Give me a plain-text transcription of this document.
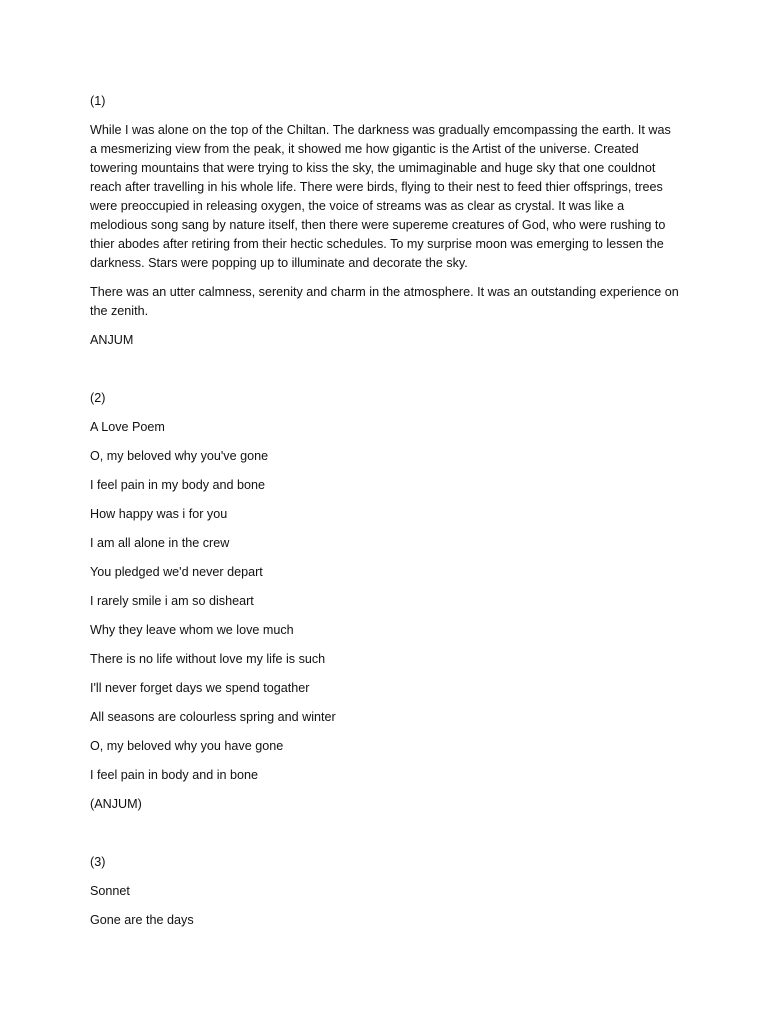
(1)

While I was alone on the top of the Chiltan. The darkness was gradually emcompassing the earth. It was a mesmerizing view from the peak, it showed me how gigantic is the Artist of the universe. Created towering mountains that were trying to kiss the sky, the umimaginable and huge sky that one couldnot reach after travelling in his whole life. There were birds, flying to their nest to feed thier offsprings, trees were preoccupied in releasing oxygen, the voice of streams was as clear as crystal. It was like a melodious song sang by nature itself, then there were supereme creatures of God, who were rushing to thier abodes after retiring from their hectic schedules. To my surprise moon was emerging to lessen the darkness. Stars were popping up to illuminate and decorate the sky.

There was an utter calmness, serenity and charm in the atmosphere. It was an outstanding experience on the zenith.

ANJUM
(2)
A Love Poem
O, my beloved why you've gone
I feel pain in my body and bone
How happy was i for you
I am all alone in the crew
You pledged we'd never depart
I rarely smile i am so disheart
Why they leave whom we love much
There is no life without love my life is such
I'll never forget days we spend togather
All seasons are colourless spring and winter
O, my beloved why you have gone
I feel pain in body and in bone
(ANJUM)
(3)
Sonnet
Gone are the days
